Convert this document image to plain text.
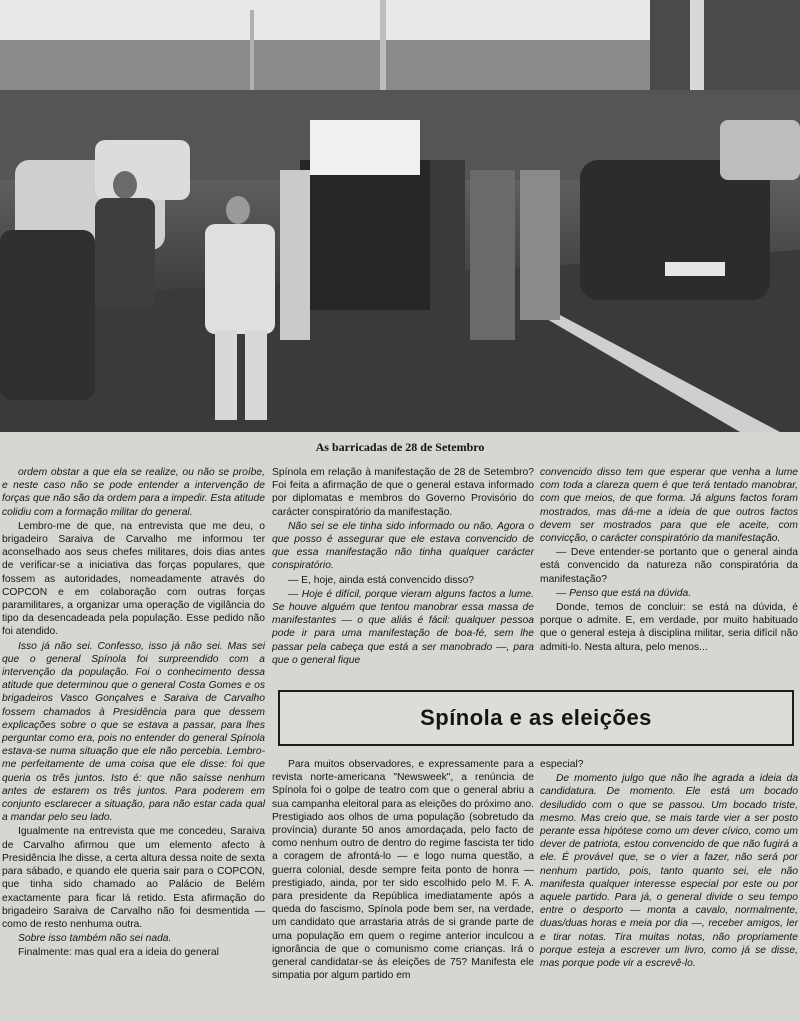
As barricadas de 28 de Setembro

ordem obstar a que ela se realize, ou não se proíbe, e neste caso não se pode entender a intervenção de forças que não são da ordem para a impedir. Esta atitude colidiu com a formação militar do general.

Lembro-me de que, na entrevista que me deu, o brigadeiro Saraiva de Carvalho me informou ter aconselhado aos seus chefes militares, dois dias antes de verificar-se a iniciativa das forças populares, que fossem as autoridades, nomeadamente através do COPCON e em colaboração com outras forças paramilitares, a organizar uma operação de vigilância do tipo da desencadeada pela população. Esse pedido não foi atendido.

Isso já não sei. Confesso, isso já não sei. Mas sei que o general Spínola foi surpreendido com a intervenção da população. Foi o conhecimento dessa atitude que determinou que o general Costa Gomes e os brigadeiros Vasco Gonçalves e Saraiva de Carvalho fossem chamados à Presidência para que dessem explicações sobre o que se estava a passar, para lhes perguntar como era, pois no entender do general Spínola estava-se numa situação que ele não percebia. Lembro-me perfeitamente de uma coisa que ele disse: foi que queria os três juntos. Isto é: que não saísse nenhum antes de estarem os três juntos. Para poderem em conjunto esclarecer a situação, para não estar cada qual a mandar pelo seu lado.

Igualmente na entrevista que me concedeu, Saraiva de Carvalho afirmou que um elemento afecto à Presidência lhe disse, a certa altura dessa noite de sexta para sábado, e quando ele queria sair para o COPCON, que tinha sido chamado ao Palácio de Belém exactamente para ficar lá retido. Esta afirmação do brigadeiro Saraiva de Carvalho não foi desmentida — como de resto nenhuma outra.

Sobre isso também não sei nada.

Finalmente: mas qual era a ideia do general

Spínola em relação à manifestação de 28 de Setembro? Foi feita a afirmação de que o general estava informado por diplomatas e membros do Governo Provisório do carácter conspiratório da manifestação.

Não sei se ele tinha sido informado ou não. Agora o que posso é assegurar que ele estava convencido de que essa manifestação não tinha qualquer carácter conspiratório.

— E, hoje, ainda está convencido disso?

— Hoje é difícil, porque vieram alguns factos a lume. Se houve alguém que tentou manobrar essa massa de manifestantes — o que aliás é fácil: qualquer pessoa pode ir para uma manifestação de boa-fé, sem lhe passar pela cabeça que está a ser manobrado —, para que o general fique

convencido disso tem que esperar que venha a lume com toda a clareza quem é que terá tentado manobrar, com que meios, de que forma. Já alguns factos foram mostrados, mas dá-me a ideia de que outros factos devem ser mostrados para que ele aceite, com convicção, o carácter conspiratório da manifestação.

— Deve entender-se portanto que o general ainda está convencido da natureza não conspiratória da manifestação?

— Penso que está na dúvida.

Donde, temos de concluir: se está na dúvida, é porque o admite. E, em verdade, por muito habituado que o general esteja à disciplina militar, seria difícil não admiti-lo. Nesta altura, pelo menos...

Spínola e as eleições

Para muitos observadores, e expressamente para a revista norte-americana "Newsweek", a renúncia de Spínola foi o golpe de teatro com que o general abriu a sua campanha eleitoral para as eleições do próximo ano. Prestigiado aos olhos de uma população (sobretudo da província) durante 50 anos amordaçada, pelo facto de como nenhum outro de dentro do regime fascista ter tido a coragem de afrontá-lo — e logo numa questão, a guerra colonial, desde sempre feita ponto de honra — prestigiado, ainda, por ter sido escolhido pelo M. F. A. para presidente da República imediatamente após a queda do fascismo, Spínola pode bem ser, na verdade, um candidato que arrastaria atrás de si grande parte de uma população em quem o regime anterior inculcou a ignorância de que o comunismo come crianças. Irá o general candidatar-se às eleições de 75? Manifesta ele simpatia por algum partido em

especial?

De momento julgo que não lhe agrada a ideia da candidatura. De momento. Ele está um bocado desiludido com o que se passou. Um bocado triste, mesmo. Mas creio que, se mais tarde vier a ser posto perante essa hipótese como um dever cívico, como um dever de patriota, estou convencido de que não fugirá a ele. É provável que, se o vier a fazer, não será por nenhum partido, pois, tanto quanto sei, ele não manifesta qualquer interesse especial por este ou por aquele partido. Para já, o general divide o seu tempo entre o desporto — monta a cavalo, normalmente, duas/duas horas e meia por dia —, receber amigos, ler e tirar notas. Tira muitas notas, não propriamente porque esteja a escrever um livro, como já se disse, mas porque pode vir a escrevê-lo.
